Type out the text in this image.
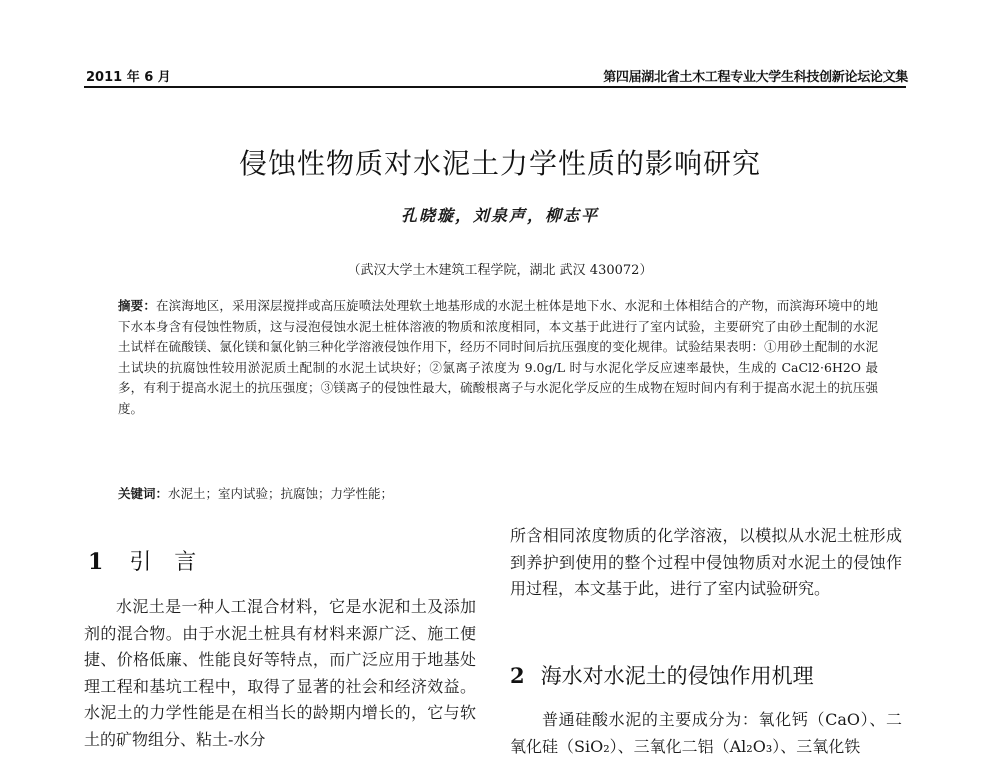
2011 年 6 月	第四届湖北省土木工程专业大学生科技创新论坛论文集
侵蚀性物质对水泥土力学性质的影响研究
孔晓璇，刘泉声，柳志平
（武汉大学土木建筑工程学院，湖北 武汉 430072）
摘要：在滨海地区，采用深层搅拌或高压旋喷法处理软土地基形成的水泥土桩体是地下水、水泥和土体相结合的产物，而滨海环境中的地下水本身含有侵蚀性物质，这与浸泡侵蚀水泥土桩体溶液的物质和浓度相同，本文基于此进行了室内试验，主要研究了由砂土配制的水泥土试样在硫酸镁、氯化镁和氯化钠三种化学溶液侵蚀作用下，经历不同时间后抗压强度的变化规律。试验结果表明：①用砂土配制的水泥土试块的抗腐蚀性较用淤泥质土配制的水泥土试块好；②氯离子浓度为 9.0g/L 时与水泥化学反应速率最快，生成的 CaCl2·6H2O 最多，有利于提高水泥土的抗压强度；③镁离子的侵蚀性最大，硫酸根离子与水泥化学反应的生成物在短时间内有利于提高水泥土的抗压强度。
关键词：水泥土；室内试验；抗腐蚀；力学性能；
1 引 言

水泥土是一种人工混合材料，它是水泥和土及添加剂的混合物。由于水泥土桩具有材料来源广泛、施工便捷、价格低廉、性能良好等特点，而广泛应用于地基处理工程和基坑工程中，取得了显著的社会和经济效益。水泥土的力学性能是在相当长的龄期内增长的，它与软土的矿物组分、粘土-水分

所含相同浓度物质的化学溶液，以模拟从水泥土桩形成到养护到使用的整个过程中侵蚀物质对水泥土的侵蚀作用过程，本文基于此，进行了室内试验研究。

2 海水对水泥土的侵蚀作用机理

普通硅酸水泥的主要成分为：氧化钙（CaO）、二氧化硅（SiO₂）、三氧化二铝（Al₂O₃）、三氧化铁
